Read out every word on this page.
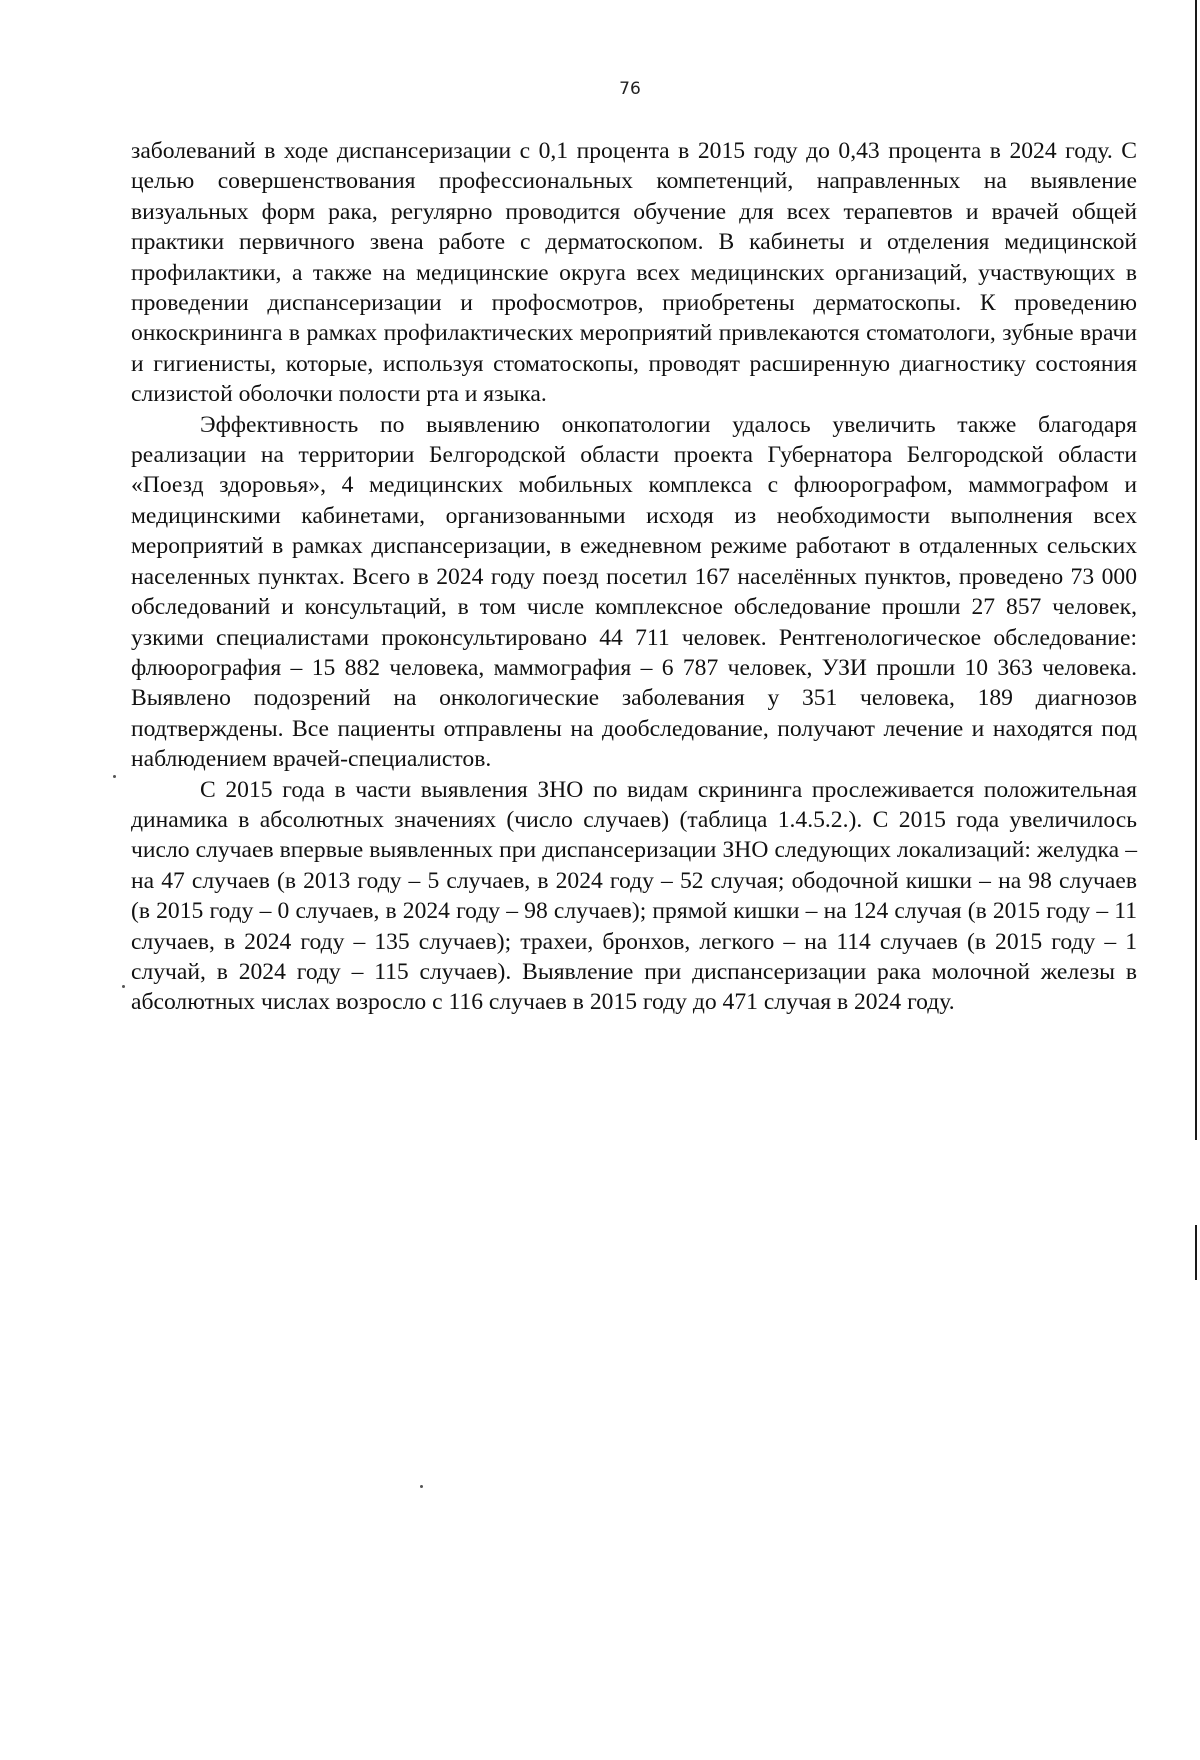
76

заболеваний в ходе диспансеризации с 0,1 процента в 2015 году до 0,43 процента в 2024 году. С целью совершенствования профессиональных компетенций, направленных на выявление визуальных форм рака, регулярно проводится обучение для всех терапевтов и врачей общей практики первичного звена работе с дерматоскопом. В кабинеты и отделения медицинской профилактики, а также на медицинские округа всех медицинских организаций, участвующих в проведении диспансеризации и профосмотров, приобретены дерматоскопы. К проведению онкоскрининга в рамках профилактических мероприятий привлекаются стоматологи, зубные врачи и гигиенисты, которые, используя стоматоскопы, проводят расширенную диагностику состояния слизистой оболочки полости рта и языка.

Эффективность по выявлению онкопатологии удалось увеличить также благодаря реализации на территории Белгородской области проекта Губернатора Белгородской области «Поезд здоровья», 4 медицинских мобильных комплекса с флюорографом, маммографом и медицинскими кабинетами, организованными исходя из необходимости выполнения всех мероприятий в рамках диспансеризации, в ежедневном режиме работают в отдаленных сельских населенных пунктах. Всего в 2024 году поезд посетил 167 населённых пунктов, проведено 73 000 обследований и консультаций, в том числе комплексное обследование прошли 27 857 человек, узкими специалистами проконсультировано 44 711 человек. Рентгенологическое обследование: флюорография – 15 882 человека, маммография – 6 787 человек, УЗИ прошли 10 363 человека. Выявлено подозрений на онкологические заболевания у 351 человека, 189 диагнозов подтверждены. Все пациенты отправлены на дообследование, получают лечение и находятся под наблюдением врачей-специалистов.

С 2015 года в части выявления ЗНО по видам скрининга прослеживается положительная динамика в абсолютных значениях (число случаев) (таблица 1.4.5.2.). С 2015 года увеличилось число случаев впервые выявленных при диспансеризации ЗНО следующих локализаций: желудка – на 47 случаев (в 2013 году – 5 случаев, в 2024 году – 52 случая; ободочной кишки – на 98 случаев (в 2015 году – 0 случаев, в 2024 году – 98 случаев); прямой кишки – на 124 случая (в 2015 году – 11 случаев, в 2024 году – 135 случаев); трахеи, бронхов, легкого – на 114 случаев (в 2015 году – 1 случай, в 2024 году – 115 случаев). Выявление при диспансеризации рака молочной железы в абсолютных числах возросло с 116 случаев в 2015 году до 471 случая в 2024 году.
